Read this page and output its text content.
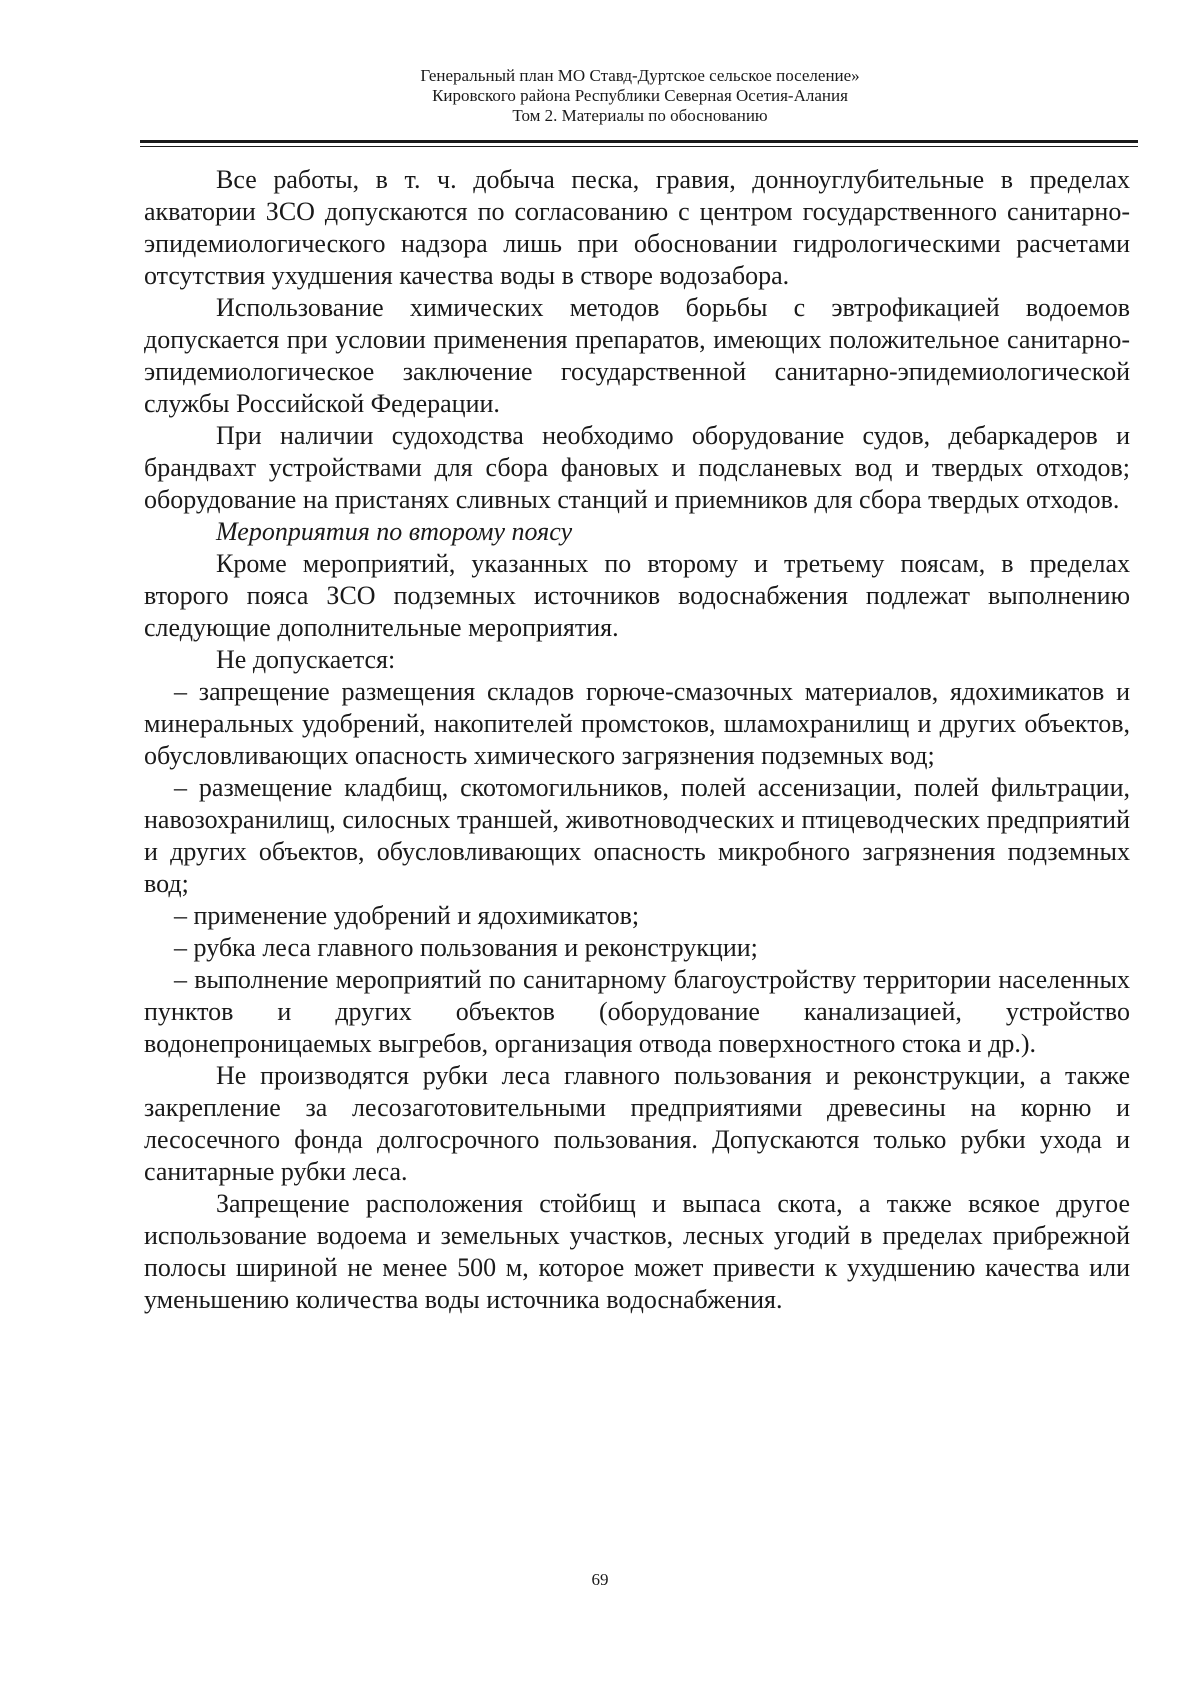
Генеральный план МО Ставд-Дуртское сельское поселение»
Кировского района Республики Северная Осетия-Алания
Том 2. Материалы по обоснованию

Все работы, в т. ч. добыча песка, гравия, донноуглубительные в пределах акватории ЗСО допускаются по согласованию с центром государственного санитарно-эпидемиологического надзора лишь при обосновании гидрологическими расчетами отсутствия ухудшения качества воды в створе водозабора.

Использование химических методов борьбы с эвтрофикацией водоемов допускается при условии применения препаратов, имеющих положительное санитарно-эпидемиологическое заключение государственной санитарно-эпидемиологической службы Российской Федерации.

При наличии судоходства необходимо оборудование судов, дебаркадеров и брандвахт устройствами для сбора фановых и подсланевых вод и твердых отходов; оборудование на пристанях сливных станций и приемников для сбора твердых отходов.

Мероприятия по второму поясу

Кроме мероприятий, указанных по второму и третьему поясам, в пределах второго пояса ЗСО подземных источников водоснабжения подлежат выполнению следующие дополнительные мероприятия.

Не допускается:

– запрещение размещения складов горюче-смазочных материалов, ядохимикатов и минеральных удобрений, накопителей промстоков, шламохранилищ и других объектов, обусловливающих опасность химического загрязнения подземных вод;

– размещение кладбищ, скотомогильников, полей ассенизации, полей фильтрации, навозохранилищ, силосных траншей, животноводческих и птицеводческих предприятий и других объектов, обусловливающих опасность микробного загрязнения подземных вод;

– применение удобрений и ядохимикатов;

– рубка леса главного пользования и реконструкции;

– выполнение мероприятий по санитарному благоустройству территории населенных пунктов и других объектов (оборудование канализацией, устройство водонепроницаемых выгребов, организация отвода поверхностного стока и др.).

Не производятся рубки леса главного пользования и реконструкции, а также закрепление за лесозаготовительными предприятиями древесины на корню и лесосечного фонда долгосрочного пользования. Допускаются только рубки ухода и санитарные рубки леса.

Запрещение расположения стойбищ и выпаса скота, а также всякое другое использование водоема и земельных участков, лесных угодий в пределах прибрежной полосы шириной не менее 500 м, которое может привести к ухудшению качества или уменьшению количества воды источника водоснабжения.

69
